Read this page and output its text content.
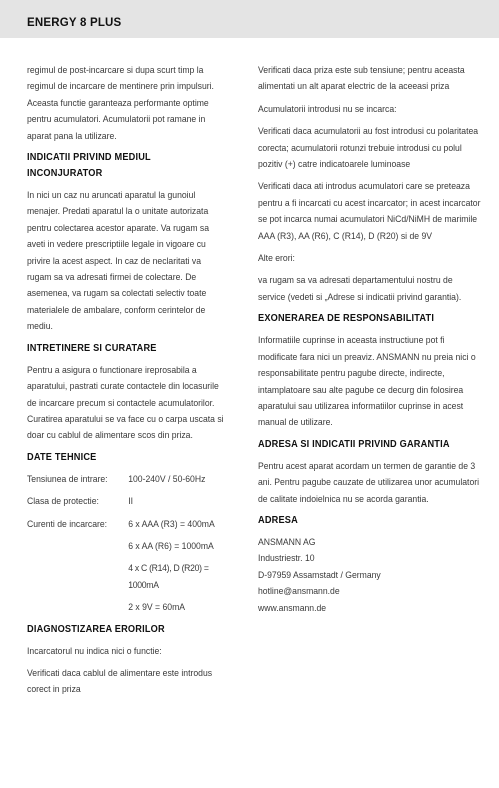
ENERGY 8 PLUS

regimul de post-incarcare si dupa scurt timp la regimul de incarcare de mentinere prin impulsuri. Aceasta functie garanteaza performante optime pentru acumulatori. Acumulatorii pot ramane in aparat pana la utilizare.

INDICATII PRIVIND MEDIUL INCONJURATOR

In nici un caz nu aruncati aparatul la gunoiul menajer. Predati aparatul la o unitate autorizata pentru colectarea acestor aparate. Va rugam sa aveti in vedere prescriptiile legale in vigoare cu privire la acest aspect. In caz de neclaritati va rugam sa va adresati firmei de colectare. De asemenea, va rugam sa colectati selectiv toate materialele de ambalare, conform cerintelor de mediu.

INTRETINERE SI CURATARE

Pentru a asigura o functionare ireprosabila a aparatului, pastrati curate contactele din locasurile de incarcare precum si contactele acumulatorilor. Curatirea aparatului se va face cu o carpa uscata si doar cu cablul de alimentare scos din priza.

DATE TEHNICE
Tensiunea de intrare:	100-240V / 50-60Hz
Clasa de protectie:	II
Curenti de incarcare:	6 x AAA (R3) = 400mA
6 x AA (R6) = 1000mA
4 x C (R14), D (R20) = 1000mA
2 x 9V = 60mA
DIAGNOSTIZAREA ERORILOR

Incarcatorul nu indica nici o functie:

Verificati daca cablul de alimentare este introdus corect in priza

Verificati daca priza este sub tensiune; pentru aceasta alimentati un alt aparat electric de la aceeasi priza

Acumulatorii introdusi nu se incarca:

Verificati daca acumulatorii au fost introdusi cu polaritatea corecta; acumulatorii rotunzi trebuie introdusi cu polul pozitiv (+) catre indicatoarele luminoase

Verificati daca ati introdus acumulatori care se preteaza pentru a fi incarcati cu acest incarcator; in acest incarcator se pot incarca numai acumulatori NiCd/NiMH de marimile AAA (R3), AA (R6), C (R14), D (R20) si de 9V

Alte erori:

va rugam sa va adresati departamentului nostru de service (vedeti si „Adrese si indicatii privind garantia).

EXONERAREA DE RESPONSABILITATI

Informatiile cuprinse in aceasta instructiune pot fi modificate fara nici un preaviz. ANSMANN nu preia nici o responsabilitate pentru pagube directe, indirecte, intamplatoare sau alte pagube ce decurg din folosirea aparatului sau utilizarea informatiilor cuprinse in acest manual de utilizare.

ADRESA SI INDICATII PRIVIND GARANTIA

Pentru acest aparat acordam un termen de garantie de 3 ani. Pentru pagube cauzate de utilizarea unor acumulatori de calitate indoielnica nu se acorda garantia.

ADRESA
ANSMANN AG
Industriestr. 10
D-97959 Assamstadt / Germany
hotline@ansmann.de
www.ansmann.de
